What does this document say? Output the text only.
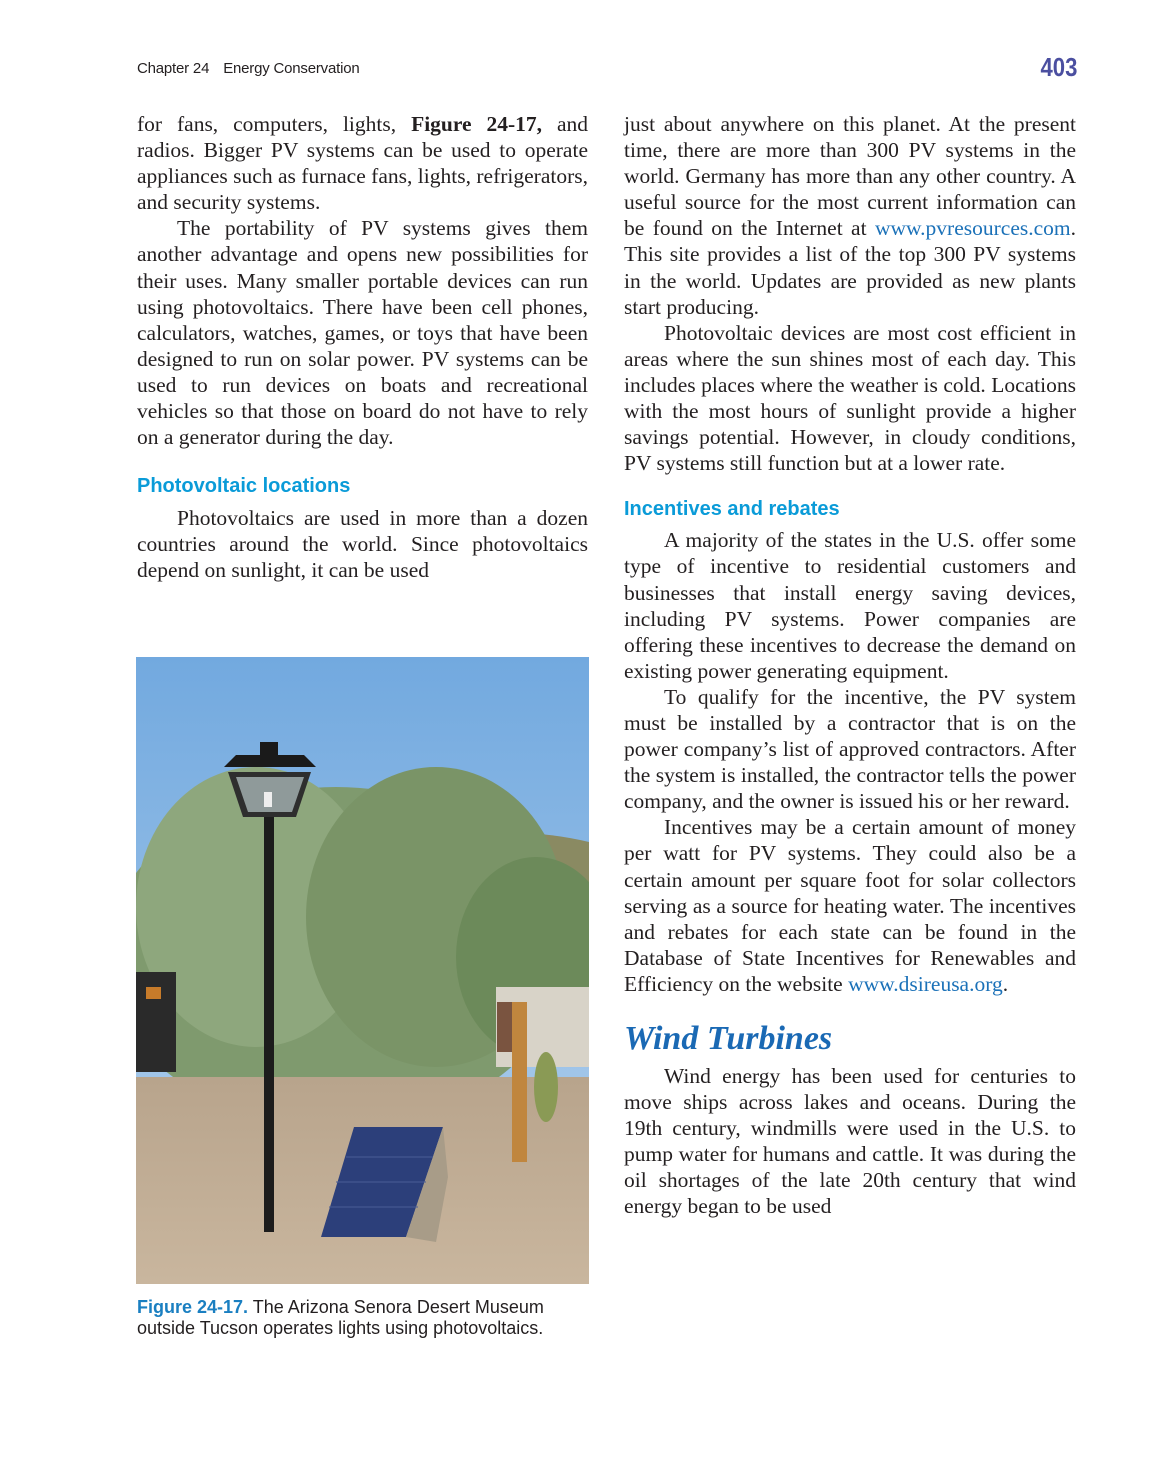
Chapter 24 Energy Conservation	403

for fans, computers, lights, Figure 24-17, and radios. Bigger PV systems can be used to operate appliances such as furnace fans, lights, refrigerators, and security systems.

The portability of PV systems gives them another advantage and opens new possibilities for their uses. Many smaller portable devices can run using photovoltaics. There have been cell phones, calculators, watches, games, or toys that have been designed to run on solar power. PV systems can be used to run devices on boats and recreational vehicles so that those on board do not have to rely on a generator during the day.

Photovoltaic locations

Photovoltaics are used in more than a dozen countries around the world. Since photovoltaics depend on sunlight, it can be used

Figure 24-17. The Arizona Senora Desert Museum outside Tucson operates lights using photovoltaics.

just about anywhere on this planet. At the present time, there are more than 300 PV systems in the world. Germany has more than any other country. A useful source for the most current information can be found on the Internet at www.pvresources.com. This site provides a list of the top 300 PV systems in the world. Updates are provided as new plants start producing.

Photovoltaic devices are most cost efficient in areas where the sun shines most of each day. This includes places where the weather is cold. Locations with the most hours of sunlight provide a higher savings potential. However, in cloudy conditions, PV systems still function but at a lower rate.

Incentives and rebates

A majority of the states in the U.S. offer some type of incentive to residential customers and businesses that install energy saving devices, including PV systems. Power companies are offering these incentives to decrease the demand on existing power generating equipment.

To qualify for the incentive, the PV system must be installed by a contractor that is on the power company’s list of approved contractors. After the system is installed, the contractor tells the power company, and the owner is issued his or her reward.

Incentives may be a certain amount of money per watt for PV systems. They could also be a certain amount per square foot for solar collectors serving as a source for heating water. The incentives and rebates for each state can be found in the Database of State Incentives for Renewables and Efficiency on the website www.dsireusa.org.

Wind Turbines

Wind energy has been used for centuries to move ships across lakes and oceans. During the 19th century, windmills were used in the U.S. to pump water for humans and cattle. It was during the oil shortages of the late 20th century that wind energy began to be used
